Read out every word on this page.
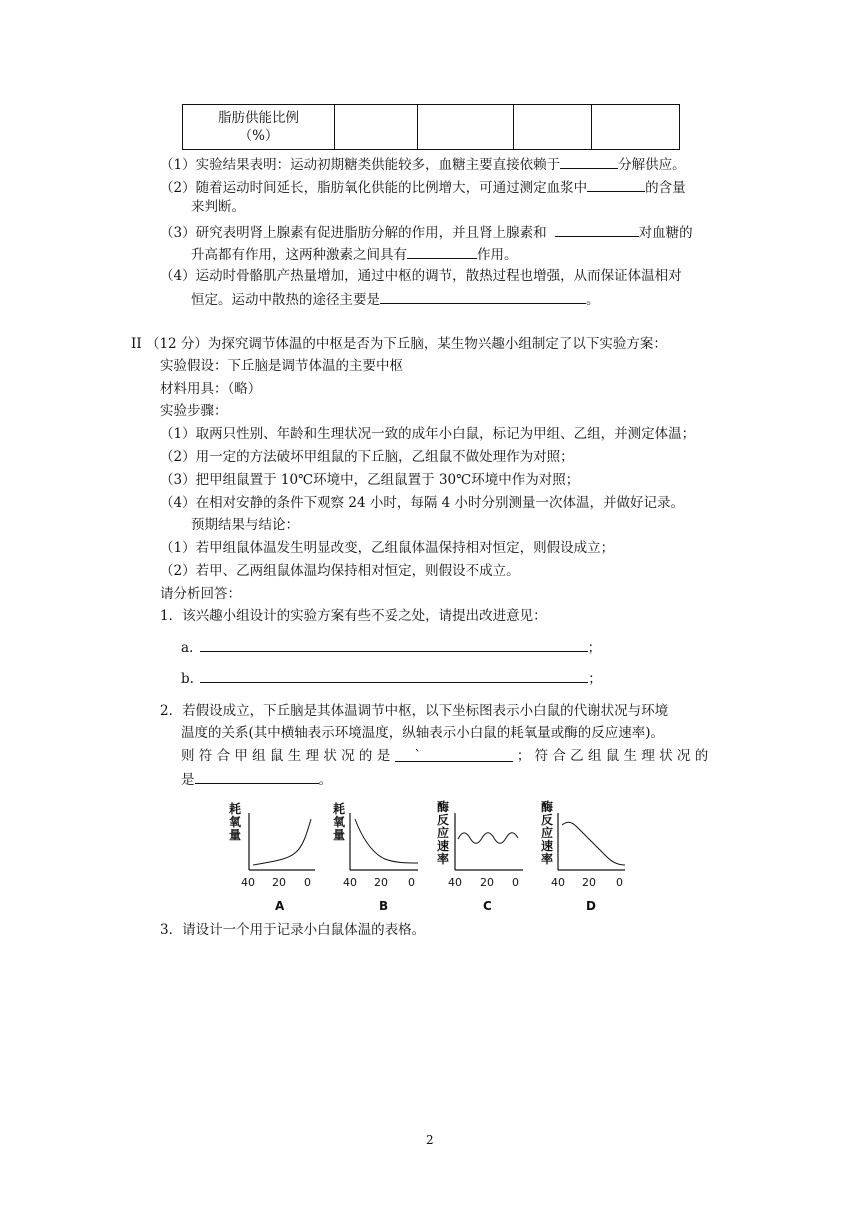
脂肪供能比例
（%）

（1）实验结果表明：运动初期糖类供能较多，血糖主要直接依赖于	分解供应。
（2）随着运动时间延长，脂肪氧化供能的比例增大，可通过测定血浆中	的含量
来判断。
（3）研究表明肾上腺素有促进脂肪分解的作用，并且肾上腺素和	对血糖的
升高都有作用，这两种激素之间具有	作用。
（4）运动时骨骼肌产热量增加，通过中枢的调节，散热过程也增强，从而保证体温相对
恒定。运动中散热的途径主要是	。
II （12 分）为探究调节体温的中枢是否为下丘脑，某生物兴趣小组制定了以下实验方案：
实验假设：下丘脑是调节体温的主要中枢
材料用具：（略）
实验步骤：
（1）取两只性别、年龄和生理状况一致的成年小白鼠，标记为甲组、乙组，并测定体温；
（2）用一定的方法破坏甲组鼠的下丘脑，乙组鼠不做处理作为对照；
（3）把甲组鼠置于 10℃环境中，乙组鼠置于 30℃环境中作为对照；
（4）在相对安静的条件下观察 24 小时，每隔 4 小时分别测量一次体温，并做好记录。
预期结果与结论：
（1）若甲组鼠体温发生明显改变，乙组鼠体温保持相对恒定，则假设成立；
（2）若甲、乙两组鼠体温均保持相对恒定，则假设不成立。
请分析回答：
1．该兴趣小组设计的实验方案有些不妥之处，请提出改进意见：
a.	；
b.	；
2．若假设成立，下丘脑是其体温调节中枢，以下坐标图表示小白鼠的代谢状况与环境
温度的关系(其中横轴表示环境温度，纵轴表示小白鼠的耗氧量或酶的反应速率)。
则 符 合 甲 组 鼠 生 理 状 况 的 是 `	； 符 合 乙 组 鼠 生 理 状 况 的
是	。
耗
氧
量
耗
氧
量
酶
反
应
速
率
酶
反
应
速
率
40 20 0	40 20 0	40 20 0	40 20 0
A	B	C	D
3．请设计一个用于记录小白鼠体温的表格。
2
